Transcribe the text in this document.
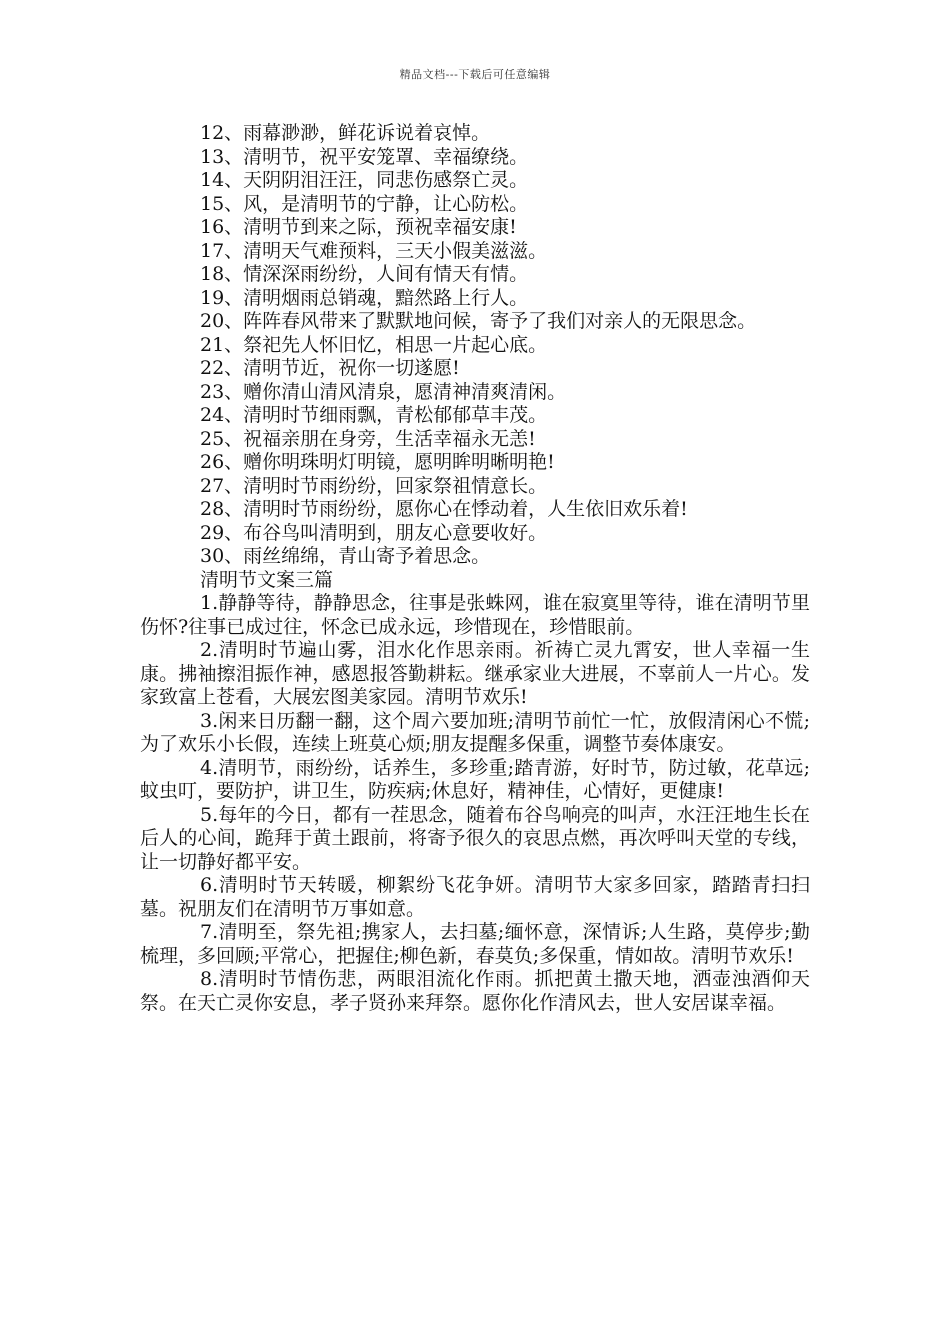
精品文档---下载后可任意编辑

12、雨幕渺渺，鲜花诉说着哀悼。

13、清明节，祝平安笼罩、幸福缭绕。

14、天阴阴泪汪汪，同悲伤感祭亡灵。

15、风，是清明节的宁静，让心防松。

16、清明节到来之际，预祝幸福安康!

17、清明天气难预料，三天小假美滋滋。

18、情深深雨纷纷，人间有情天有情。

19、清明烟雨总销魂，黯然路上行人。

20、阵阵春风带来了默默地问候，寄予了我们对亲人的无限思念。

21、祭祀先人怀旧忆，相思一片起心底。

22、清明节近，祝你一切遂愿!

23、赠你清山清风清泉，愿清神清爽清闲。

24、清明时节细雨飘，青松郁郁草丰茂。

25、祝福亲朋在身旁，生活幸福永无恙!

26、赠你明珠明灯明镜，愿明眸明晰明艳!

27、清明时节雨纷纷，回家祭祖情意长。

28、清明时节雨纷纷，愿你心在悸动着，人生依旧欢乐着!

29、布谷鸟叫清明到，朋友心意要收好。

30、雨丝绵绵，青山寄予着思念。

清明节文案三篇

1.静静等待，静静思念，往事是张蛛网，谁在寂寞里等待，谁在清明节里伤怀?往事已成过往，怀念已成永远，珍惜现在，珍惜眼前。

2.清明时节遍山雾，泪水化作思亲雨。祈祷亡灵九霄安，世人幸福一生康。拂袖擦泪振作神，感恩报答勤耕耘。继承家业大进展，不辜前人一片心。发家致富上苍看，大展宏图美家园。清明节欢乐!

3.闲来日历翻一翻，这个周六要加班;清明节前忙一忙，放假清闲心不慌;为了欢乐小长假，连续上班莫心烦;朋友提醒多保重，调整节奏体康安。

4.清明节，雨纷纷，话养生，多珍重;踏青游，好时节，防过敏，花草远;蚊虫叮，要防护，讲卫生，防疾病;休息好，精神佳，心情好，更健康!

5.每年的今日，都有一茬思念，随着布谷鸟响亮的叫声，水汪汪地生长在后人的心间，跪拜于黄土跟前，将寄予很久的哀思点燃，再次呼叫天堂的专线，让一切静好都平安。

6.清明时节天转暖，柳絮纷飞花争妍。清明节大家多回家，踏踏青扫扫墓。祝朋友们在清明节万事如意。

7.清明至，祭先祖;携家人，去扫墓;缅怀意，深情诉;人生路，莫停步;勤梳理，多回顾;平常心，把握住;柳色新，春莫负;多保重，情如故。清明节欢乐!

8.清明时节情伤悲，两眼泪流化作雨。抓把黄土撒天地，洒壶浊酒仰天祭。在天亡灵你安息，孝子贤孙来拜祭。愿你化作清风去，世人安居谋幸福。
